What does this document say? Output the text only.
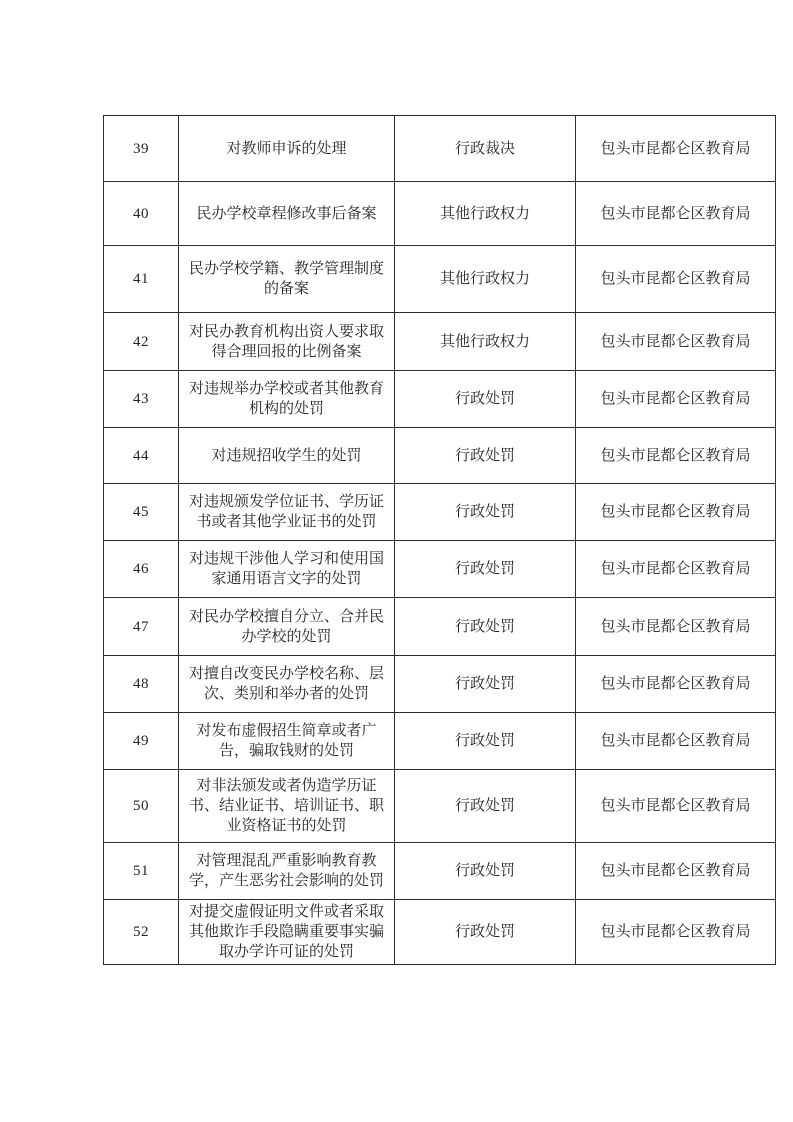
39	对教师申诉的处理	行政裁决	包头市昆都仑区教育局
40	民办学校章程修改事后备案	其他行政权力	包头市昆都仑区教育局
41	民办学校学籍、教学管理制度的备案	其他行政权力	包头市昆都仑区教育局
42	对民办教育机构出资人要求取得合理回报的比例备案	其他行政权力	包头市昆都仑区教育局
43	对违规举办学校或者其他教育机构的处罚	行政处罚	包头市昆都仑区教育局
44	对违规招收学生的处罚	行政处罚	包头市昆都仑区教育局
45	对违规颁发学位证书、学历证书或者其他学业证书的处罚	行政处罚	包头市昆都仑区教育局
46	对违规干涉他人学习和使用国家通用语言文字的处罚	行政处罚	包头市昆都仑区教育局
47	对民办学校擅自分立、合并民办学校的处罚	行政处罚	包头市昆都仑区教育局
48	对擅自改变民办学校名称、层次、类别和举办者的处罚	行政处罚	包头市昆都仑区教育局
49	对发布虚假招生简章或者广告，骗取钱财的处罚	行政处罚	包头市昆都仑区教育局
50	对非法颁发或者伪造学历证书、结业证书、培训证书、职业资格证书的处罚	行政处罚	包头市昆都仑区教育局
51	对管理混乱严重影响教育教学，产生恶劣社会影响的处罚	行政处罚	包头市昆都仑区教育局
52	对提交虚假证明文件或者采取其他欺诈手段隐瞒重要事实骗取办学许可证的处罚	行政处罚	包头市昆都仑区教育局
